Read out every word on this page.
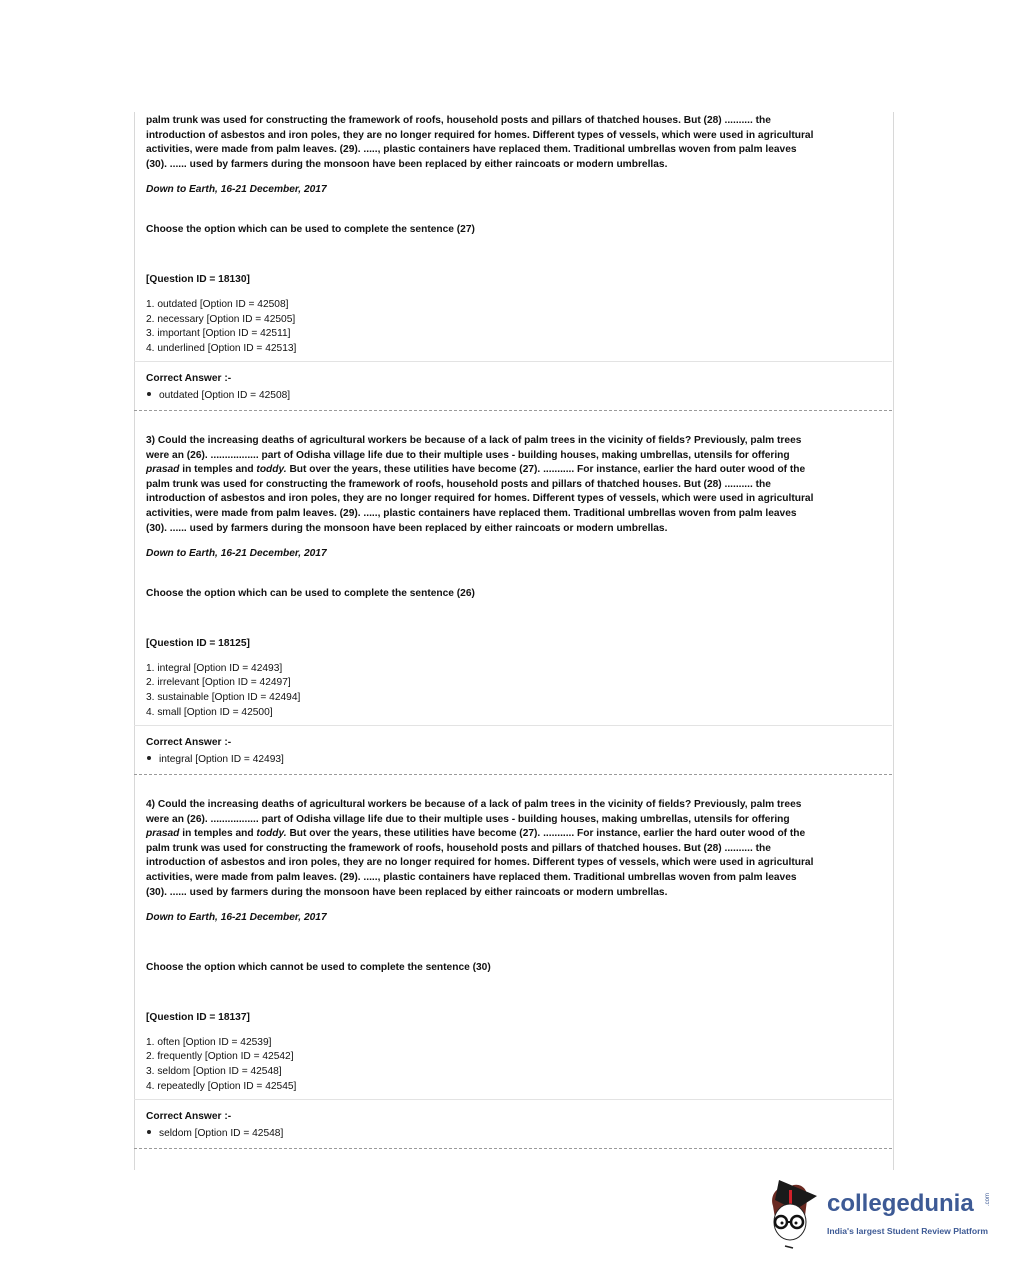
palm trunk was used for constructing the framework of roofs, household posts and pillars of thatched houses. But (28) .......... the
introduction of asbestos and iron poles, they are no longer required for homes. Different types of vessels, which were used in agricultural
activities, were made from palm leaves. (29). ....., plastic containers have replaced them. Traditional umbrellas woven from palm leaves
(30). ...... used by farmers during the monsoon have been replaced by either raincoats or modern umbrellas.
Down to Earth, 16-21 December, 2017
Choose the option which can be used to complete the sentence (27)
[Question ID = 18130]
1. outdated [Option ID = 42508]
2. necessary [Option ID = 42505]
3. important [Option ID = 42511]
4. underlined [Option ID = 42513]
Correct Answer :-
outdated [Option ID = 42508]
3) Could the increasing deaths of agricultural workers be because of a lack of palm trees in the vicinity of fields? Previously, palm trees
were an (26). ................. part of Odisha village life due to their multiple uses - building houses, making umbrellas, utensils for offering
prasad in temples and toddy. But over the years, these utilities have become (27). ........... For instance, earlier the hard outer wood of the
palm trunk was used for constructing the framework of roofs, household posts and pillars of thatched houses. But (28) .......... the
introduction of asbestos and iron poles, they are no longer required for homes. Different types of vessels, which were used in agricultural
activities, were made from palm leaves. (29). ....., plastic containers have replaced them. Traditional umbrellas woven from palm leaves
(30). ...... used by farmers during the monsoon have been replaced by either raincoats or modern umbrellas.
Down to Earth, 16-21 December, 2017
Choose the option which can be used to complete the sentence (26)
[Question ID = 18125]
1. integral [Option ID = 42493]
2. irrelevant [Option ID = 42497]
3. sustainable [Option ID = 42494]
4. small [Option ID = 42500]
Correct Answer :-
integral [Option ID = 42493]
4) Could the increasing deaths of agricultural workers be because of a lack of palm trees in the vicinity of fields? Previously, palm trees
were an (26). ................. part of Odisha village life due to their multiple uses - building houses, making umbrellas, utensils for offering
prasad in temples and toddy. But over the years, these utilities have become (27). ........... For instance, earlier the hard outer wood of the
palm trunk was used for constructing the framework of roofs, household posts and pillars of thatched houses. But (28) .......... the
introduction of asbestos and iron poles, they are no longer required for homes. Different types of vessels, which were used in agricultural
activities, were made from palm leaves. (29). ....., plastic containers have replaced them. Traditional umbrellas woven from palm leaves
(30). ...... used by farmers during the monsoon have been replaced by either raincoats or modern umbrellas.
Down to Earth, 16-21 December, 2017
Choose the option which cannot be used to complete the sentence (30)
[Question ID = 18137]
1. often [Option ID = 42539]
2. frequently [Option ID = 42542]
3. seldom [Option ID = 42548]
4. repeatedly [Option ID = 42545]
Correct Answer :-
seldom [Option ID = 42548]
collegedunia .com
India's largest Student Review Platform
